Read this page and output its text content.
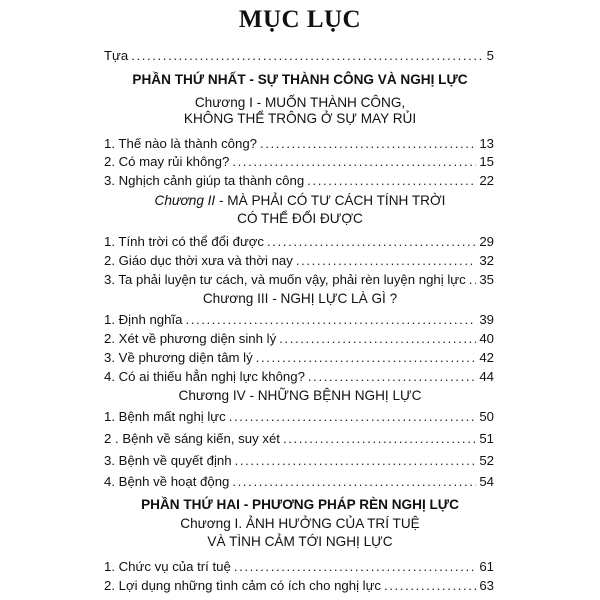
MỤC LỤC
Tựa .....	5
PHẦN THỨ NHẤT - SỰ THÀNH CÔNG VÀ NGHỊ LỰC
Chương I - MUỐN THÀNH CÔNG,
KHÔNG THỂ TRÔNG Ở SỰ MAY RỦI
1. Thế nào là thành công? .....	13
2. Có may rủi không? .....	15
3. Nghịch cảnh giúp ta thành công .....	22
Chương II - MÀ PHẢI CÓ TƯ CÁCH TÍNH TRỜI
CÓ THỂ ĐỔI ĐƯỢC
1. Tính trời có thể đổi được .....	29
2. Giáo dục thời xưa và thời nay .....	32
3. Ta phải luyện tư cách, và muốn vậy, phải rèn luyện nghị lực ..... 35
Chương III - NGHỊ LỰC LÀ GÌ ?
1. Định nghĩa .....	39
2. Xét về phương diện sinh lý .....	40
3. Về phương diện tâm lý .....	42
4. Có ai thiếu hẳn nghị lực không? .....	44
Chương IV - NHỮNG BỆNH NGHỊ LỰC
1. Bệnh mất nghị lực .....	50
2 . Bệnh về sáng kiến, suy xét .....	51
3. Bệnh về quyết định .....	52
4. Bệnh về hoạt động .....	54
PHẦN THỨ HAI - PHƯƠNG PHÁP RÈN NGHỊ LỰC
Chương I. ẢNH HƯỞNG CỦA TRÍ TUỆ
VÀ TÌNH CẢM TỚI NGHỊ LỰC
1. Chức vụ của trí tuệ .....	61
2. Lợi dụng những tình cảm có ích cho nghị lực .....	63
